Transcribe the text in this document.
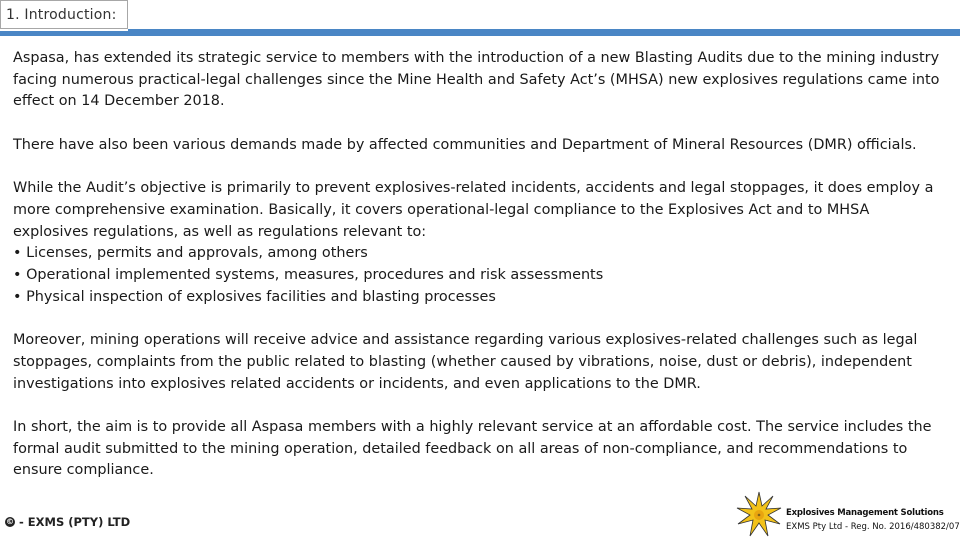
1. Introduction:

Aspasa, has extended its strategic service to members with the introduction of a new Blasting Audits due to the mining industry facing numerous practical-legal challenges since the Mine Health and Safety Act’s (MHSA) new explosives regulations came into effect on 14 December 2018.

There have also been various demands made by affected communities and Department of Mineral Resources (DMR) officials.

While the Audit’s objective is primarily to prevent explosives-related incidents, accidents and legal stoppages, it does employ a more comprehensive examination. Basically, it covers operational-legal compliance to the Explosives Act and to MHSA explosives regulations, as well as regulations relevant to:
• Licenses, permits and approvals, among others
• Operational implemented systems, measures, procedures and risk assessments
• Physical inspection of explosives facilities and blasting processes

Moreover, mining operations will receive advice and assistance regarding various explosives-related challenges such as legal stoppages, complaints from the public related to blasting (whether caused by vibrations, noise, dust or debris), independent investigations into explosives related accidents or incidents, and even applications to the DMR.

In short, the aim is to provide all Aspasa members with a highly relevant service at an affordable cost. The service includes the formal audit submitted to the mining operation, detailed feedback on all areas of non-compliance, and recommendations to ensure compliance.

© - EXMS (PTY) LTD	*	Explosives Management Solutions
EXMS Pty Ltd - Reg. No. 2016/480382/07
